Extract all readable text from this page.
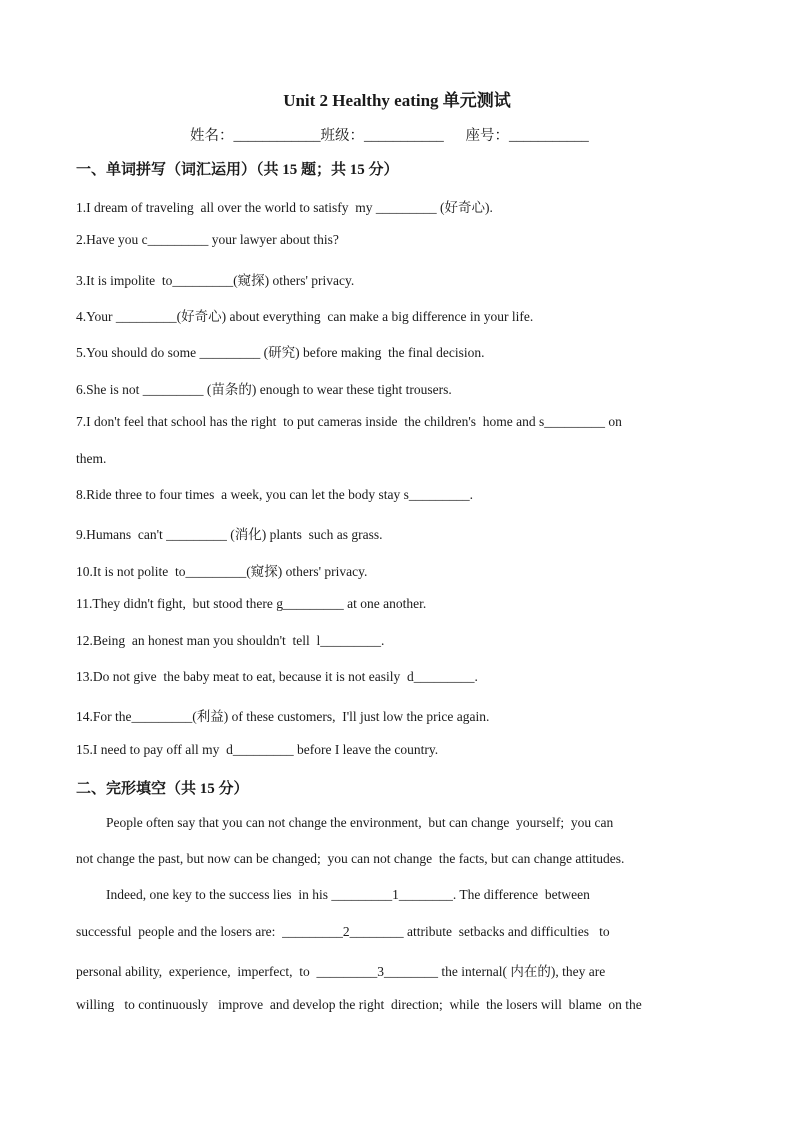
Unit 2 Healthy eating 单元测试
姓名：____________班级：___________      座号：___________
一、单词拼写（词汇运用）（共 15 题；共 15 分）
1.I dream of traveling  all over the world to satisfy  my _________ (好奇心).
2.Have you c_________ your lawyer about this?
3.It is impolite  to_________(窥探) others' privacy.
4.Your _________(好奇心) about everything  can make a big difference in your life.
5.You should do some _________ (研究) before making  the final decision.
6.She is not _________ (苗条的) enough to wear these tight trousers.
7.I don't feel that school has the right  to put cameras inside  the children's  home and s_________ on
them.
8.Ride three to four times  a week, you can let the body stay s_________.
9.Humans  can't _________ (消化) plants  such as grass.
10.It is not polite  to_________(窥探) others' privacy.
11.They didn't fight,  but stood there g_________ at one another.
12.Being  an honest man you shouldn't  tell  l_________.
13.Do not give  the baby meat to eat, because it is not easily  d_________.
14.For the_________(利益) of these customers,  I'll just low the price again.
15.I need to pay off all my  d_________ before I leave the country.
二、完形填空（共 15 分）
People often say that you can not change the environment,  but can change  yourself;  you can
not change the past, but now can be changed;  you can not change  the facts, but can change attitudes.
Indeed, one key to the success lies  in his _________1________. The difference  between
successful  people and the losers are:  _________2________ attribute  setbacks and difficulties   to
personal ability,  experience,  imperfect,  to  _________3________ the internal( 内在的), they are
willing   to continuously   improve  and develop the right  direction;  while  the losers will  blame  on the
